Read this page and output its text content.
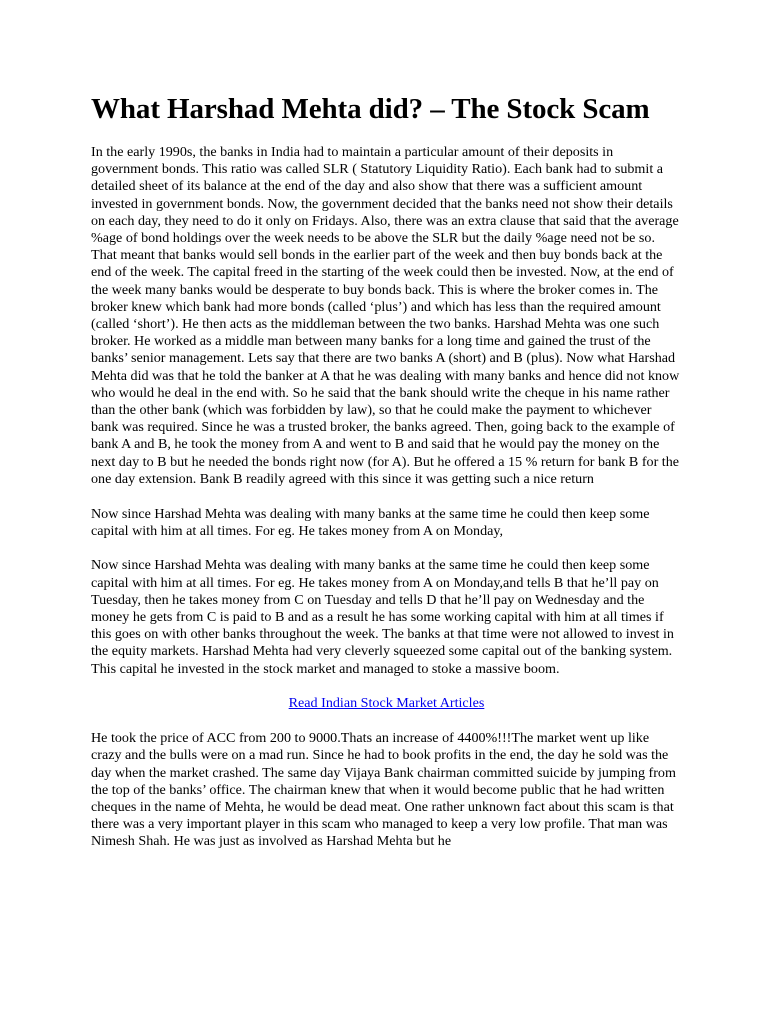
What Harshad Mehta did? – The Stock Scam

In the early 1990s, the banks in India had to maintain a particular amount of their deposits in government bonds. This ratio was called SLR ( Statutory Liquidity Ratio). Each bank had to submit a detailed sheet of its balance at the end of the day and also show that there was a sufficient amount invested in government bonds. Now, the government decided that the banks need not show their details on each day, they need to do it only on Fridays. Also, there was an extra clause that said that the average %age of bond holdings over the week needs to be above the SLR but the daily %age need not be so. That meant that banks would sell bonds in the earlier part of the week and then buy bonds back at the end of the week. The capital freed in the starting of the week could then be invested. Now, at the end of the week many banks would be desperate to buy bonds back. This is where the broker comes in. The broker knew which bank had more bonds (called ‘plus’) and which has less than the required amount (called ‘short’). He then acts as the middleman between the two banks. Harshad Mehta was one such broker. He worked as a middle man between many banks for a long time and gained the trust of the banks’ senior management. Lets say that there are two banks A (short) and B (plus). Now what Harshad Mehta did was that he told the banker at A that he was dealing with many banks and hence did not know who would he deal in the end with. So he said that the bank should write the cheque in his name rather than the other bank (which was forbidden by law), so that he could make the payment to whichever bank was required. Since he was a trusted broker, the banks agreed. Then, going back to the example of bank A and B, he took the money from A and went to B and said that he would pay the money on the next day to B but he needed the bonds right now (for A). But he offered a 15 % return for bank B for the one day extension. Bank B readily agreed with this since it was getting such a nice return

Now since Harshad Mehta was dealing with many banks at the same time he could then keep some capital with him at all times. For eg. He takes money from A on Monday,

Now since Harshad Mehta was dealing with many banks at the same time he could then keep some capital with him at all times. For eg. He takes money from A on Monday,and tells B that he’ll pay on Tuesday, then he takes money from C on Tuesday and tells D that he’ll pay on Wednesday and the money he gets from C is paid to B and as a result he has some working capital with him at all times if this goes on with other banks throughout the week. The banks at that time were not allowed to invest in the equity markets. Harshad Mehta had very cleverly squeezed some capital out of the banking system. This capital he invested in the stock market and managed to stoke a massive boom.

Read Indian Stock Market Articles

He took the price of ACC from 200 to 9000.Thats an increase of 4400%!!!The market went up like crazy and the bulls were on a mad run. Since he had to book profits in the end, the day he sold was the day when the market crashed. The same day Vijaya Bank chairman committed suicide by jumping from the top of the banks’ office. The chairman knew that when it would become public that he had written cheques in the name of Mehta, he would be dead meat. One rather unknown fact about this scam is that there was a very important player in this scam who managed to keep a very low profile. That man was Nimesh Shah. He was just as involved as Harshad Mehta but he
